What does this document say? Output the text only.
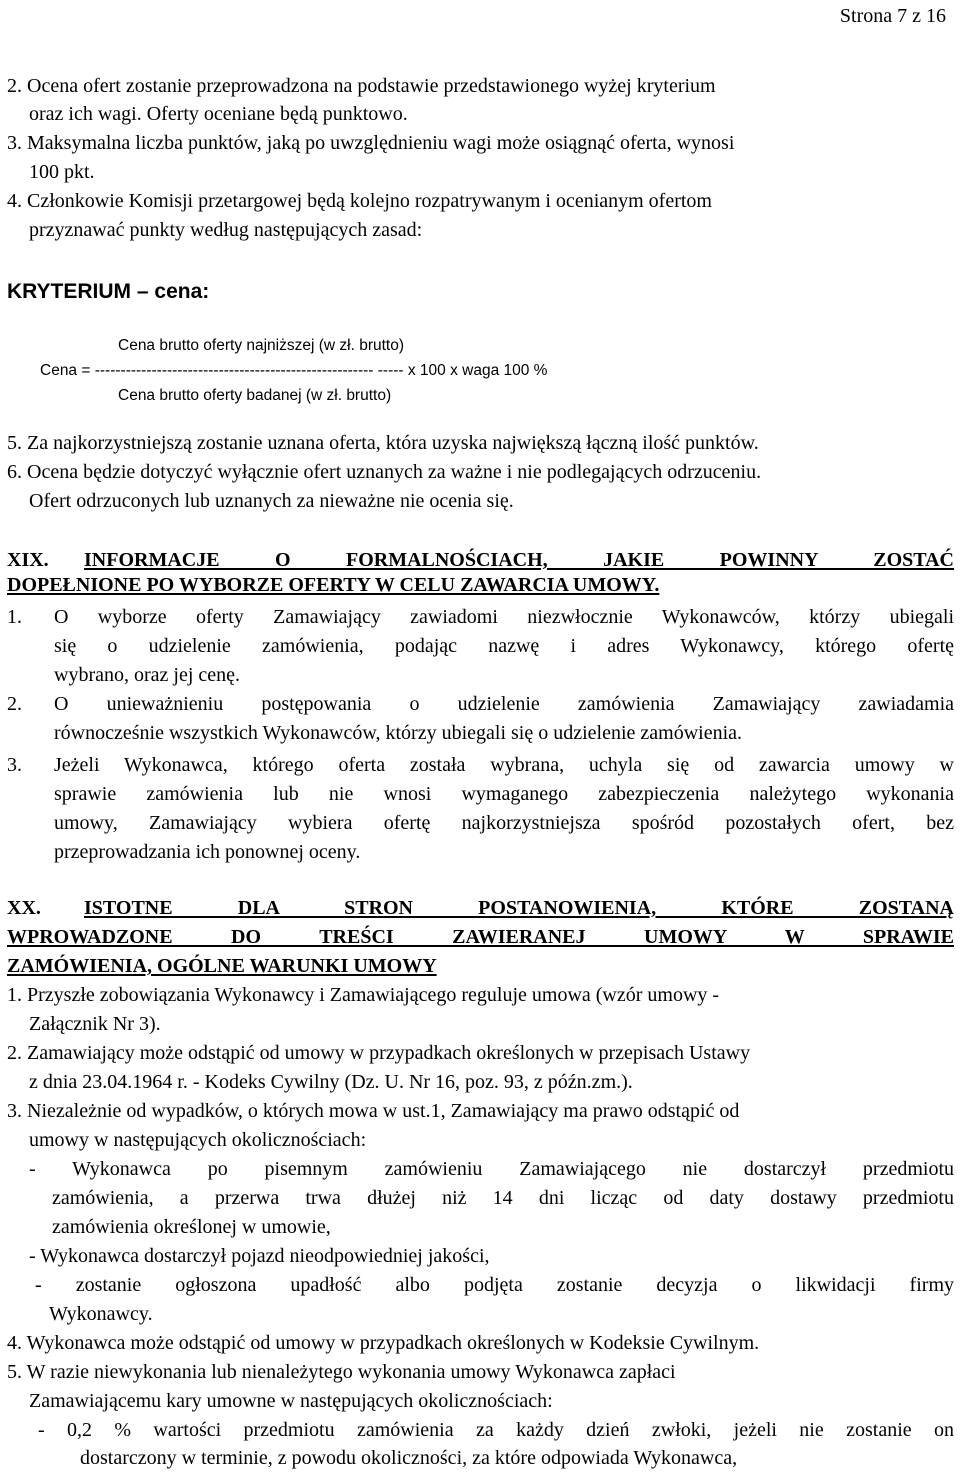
Strona 7 z 16
2. Ocena ofert zostanie przeprowadzona na podstawie przedstawionego wyżej kryterium
oraz ich wagi. Oferty oceniane będą punktowo.
3. Maksymalna liczba punktów, jaką po uwzględnieniu wagi może osiągnąć oferta, wynosi
100 pkt.
4. Członkowie Komisji przetargowej będą kolejno rozpatrywanym i ocenianym ofertom
przyznawać punkty według następujących zasad:
KRYTERIUM – cena:
Cena brutto oferty najniższej (w zł. brutto)
Cena = ------------------------------------------------------ ----- x 100 x waga 100 %
Cena brutto oferty badanej (w zł. brutto)
5. Za najkorzystniejszą zostanie uznana oferta, która uzyska największą łączną ilość punktów.
6. Ocena będzie dotyczyć wyłącznie ofert uznanych za ważne i nie podlegających odrzuceniu.
Ofert odrzuconych lub uznanych za nieważne nie ocenia się.
XIX. INFORMACJE O FORMALNOŚCIACH, JAKIE POWINNY ZOSTAĆ
DOPEŁNIONE PO WYBORZE OFERTY W CELU ZAWARCIA UMOWY.
1. O wyborze oferty Zamawiający zawiadomi niezwłocznie Wykonawców, którzy ubiegali
się o udzielenie zamówienia, podając nazwę i adres Wykonawcy, którego ofertę
wybrano, oraz jej cenę.
2. O unieważnieniu postępowania o udzielenie zamówienia Zamawiający zawiadamia
równocześnie wszystkich Wykonawców, którzy ubiegali się o udzielenie zamówienia.
3. Jeżeli Wykonawca, którego oferta została wybrana, uchyla się od zawarcia umowy w
sprawie zamówienia lub nie wnosi wymaganego zabezpieczenia należytego wykonania
umowy, Zamawiający wybiera ofertę najkorzystniejsza spośród pozostałych ofert, bez
przeprowadzania ich ponownej oceny.
XX. ISTOTNE DLA STRON POSTANOWIENIA, KTÓRE ZOSTANĄ
WPROWADZONE DO TREŚCI ZAWIERANEJ UMOWY W SPRAWIE
ZAMÓWIENIA, OGÓLNE WARUNKI UMOWY
1. Przyszłe zobowiązania Wykonawcy i Zamawiającego reguluje umowa (wzór umowy -
Załącznik Nr 3).
2. Zamawiający może odstąpić od umowy w przypadkach określonych w przepisach Ustawy
z dnia 23.04.1964 r. - Kodeks Cywilny (Dz. U. Nr 16, poz. 93, z późn.zm.).
3. Niezależnie od wypadków, o których mowa w ust.1, Zamawiający ma prawo odstąpić od
umowy w następujących okolicznościach:
- Wykonawca po pisemnym zamówieniu Zamawiającego nie dostarczył przedmiotu
zamówienia, a przerwa trwa dłużej niż 14 dni licząc od daty dostawy przedmiotu
zamówienia określonej w umowie,
- Wykonawca dostarczył pojazd nieodpowiedniej jakości,
- zostanie ogłoszona upadłość albo podjęta zostanie decyzja o likwidacji firmy
Wykonawcy.
4. Wykonawca może odstąpić od umowy w przypadkach określonych w Kodeksie Cywilnym.
5. W razie niewykonania lub nienależytego wykonania umowy Wykonawca zapłaci
Zamawiającemu kary umowne w następujących okolicznościach:
- 0,2 % wartości przedmiotu zamówienia za każdy dzień zwłoki, jeżeli nie zostanie on
dostarczony w terminie, z powodu okoliczności, za które odpowiada Wykonawca,
